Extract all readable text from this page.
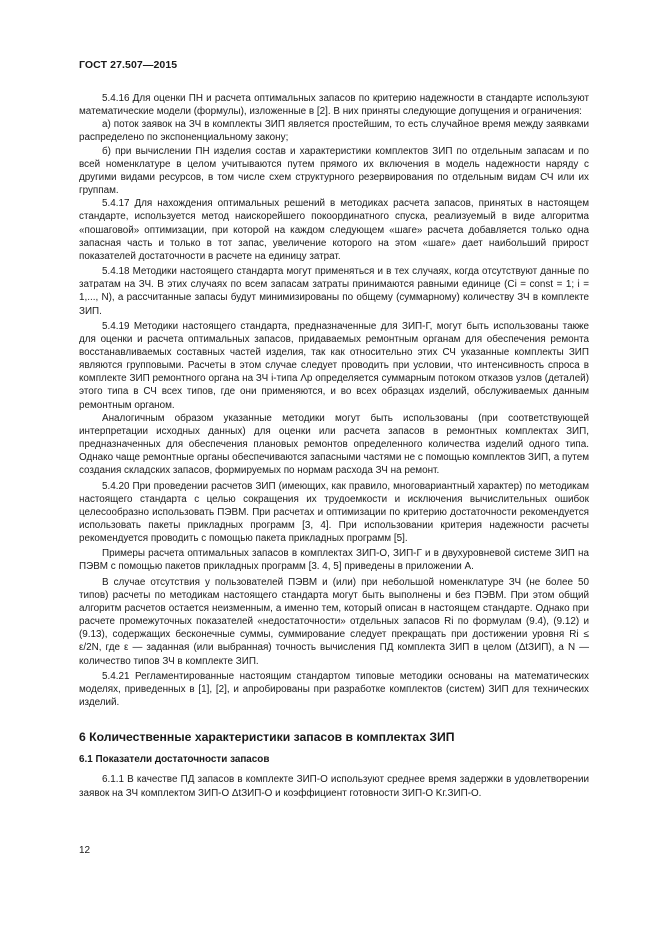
ГОСТ 27.507—2015

5.4.16 Для оценки ПН и расчета оптимальных запасов по критерию надежности в стандарте используют математические модели (формулы), изложенные в [2]. В них приняты следующие допущения и ограничения:

а) поток заявок на ЗЧ в комплекты ЗИП является простейшим, то есть случайное время между заявками распределено по экспоненциальному закону;

б) при вычислении ПН изделия состав и характеристики комплектов ЗИП по отдельным запасам и по всей номенклатуре в целом учитываются путем прямого их включения в модель надежности наряду с другими видами ресурсов, в том числе схем структурного резервирования по отдельным видам СЧ или их группам.

5.4.17 Для нахождения оптимальных решений в методиках расчета запасов, принятых в настоящем стандарте, используется метод наискорейшего покоординатного спуска, реализуемый в виде алгоритма «пошаговой» оптимизации, при которой на каждом следующем «шаге» расчета добавляется только одна запасная часть и только в тот запас, увеличение которого на этом «шаге» дает наибольший прирост показателей достаточности в расчете на единицу затрат.

5.4.18 Методики настоящего стандарта могут применяться и в тех случаях, когда отсутствуют данные по затратам на ЗЧ. В этих случаях по всем запасам затраты принимаются равными единице (Ci = const = 1; i = 1,..., N), а рассчитанные запасы будут минимизированы по общему (суммарному) количеству ЗЧ в комплекте ЗИП.

5.4.19 Методики настоящего стандарта, предназначенные для ЗИП-Г, могут быть использованы также для оценки и расчета оптимальных запасов, придаваемых ремонтным органам для обеспечения ремонта восстанавливаемых составных частей изделия, так как относительно этих СЧ указанные комплекты ЗИП являются групповыми. Расчеты в этом случае следует проводить при условии, что интенсивность спроса в комплекте ЗИП ремонтного органа на ЗЧ i-типа Λр определяется суммарным потоком отказов узлов (деталей) этого типа в СЧ всех типов, где они применяются, и во всех образцах изделий, обслуживаемых данным ремонтным органом.

Аналогичным образом указанные методики могут быть использованы (при соответствующей интерпретации исходных данных) для оценки или расчета запасов в ремонтных комплектах ЗИП, предназначенных для обеспечения плановых ремонтов определенного количества изделий одного типа. Однако чаще ремонтные органы обеспечиваются запасными частями не с помощью комплектов ЗИП, а путем создания складских запасов, формируемых по нормам расхода ЗЧ на ремонт.

5.4.20 При проведении расчетов ЗИП (имеющих, как правило, многовариантный характер) по методикам настоящего стандарта с целью сокращения их трудоемкости и исключения вычислительных ошибок целесообразно использовать ПЭВМ. При расчетах и оптимизации по критерию достаточности рекомендуется использовать пакеты прикладных программ [3, 4]. При использовании критерия надежности расчеты рекомендуется проводить с помощью пакета прикладных программ [5].

Примеры расчета оптимальных запасов в комплектах ЗИП-О, ЗИП-Г и в двухуровневой системе ЗИП на ПЭВМ с помощью пакетов прикладных программ [3. 4, 5] приведены в приложении А.

В случае отсутствия у пользователей ПЭВМ и (или) при небольшой номенклатуре ЗЧ (не более 50 типов) расчеты по методикам настоящего стандарта могут быть выполнены и без ПЭВМ. При этом общий алгоритм расчетов остается неизменным, а именно тем, который описан в настоящем стандарте. Однако при расчете промежуточных показателей «недостаточности» отдельных запасов Ri по формулам (9.4), (9.12) и (9.13), содержащих бесконечные суммы, суммирование следует прекращать при достижении уровня Ri ≤ ε/2N, где ε — заданная (или выбранная) точность вычисления ПД комплекта ЗИП в целом (ΔtЗИП), а N — количество типов ЗЧ в комплекте ЗИП.

5.4.21 Регламентированные настоящим стандартом типовые методики основаны на математических моделях, приведенных в [1], [2], и апробированы при разработке комплектов (систем) ЗИП для технических изделий.

6 Количественные характеристики запасов в комплектах ЗИП

6.1 Показатели достаточности запасов

6.1.1 В качестве ПД запасов в комплекте ЗИП-О используют среднее время задержки в удовлетворении заявок на ЗЧ комплектом ЗИП-О ΔtЗИП-О и коэффициент готовности ЗИП-О Kг.ЗИП-О.

12
